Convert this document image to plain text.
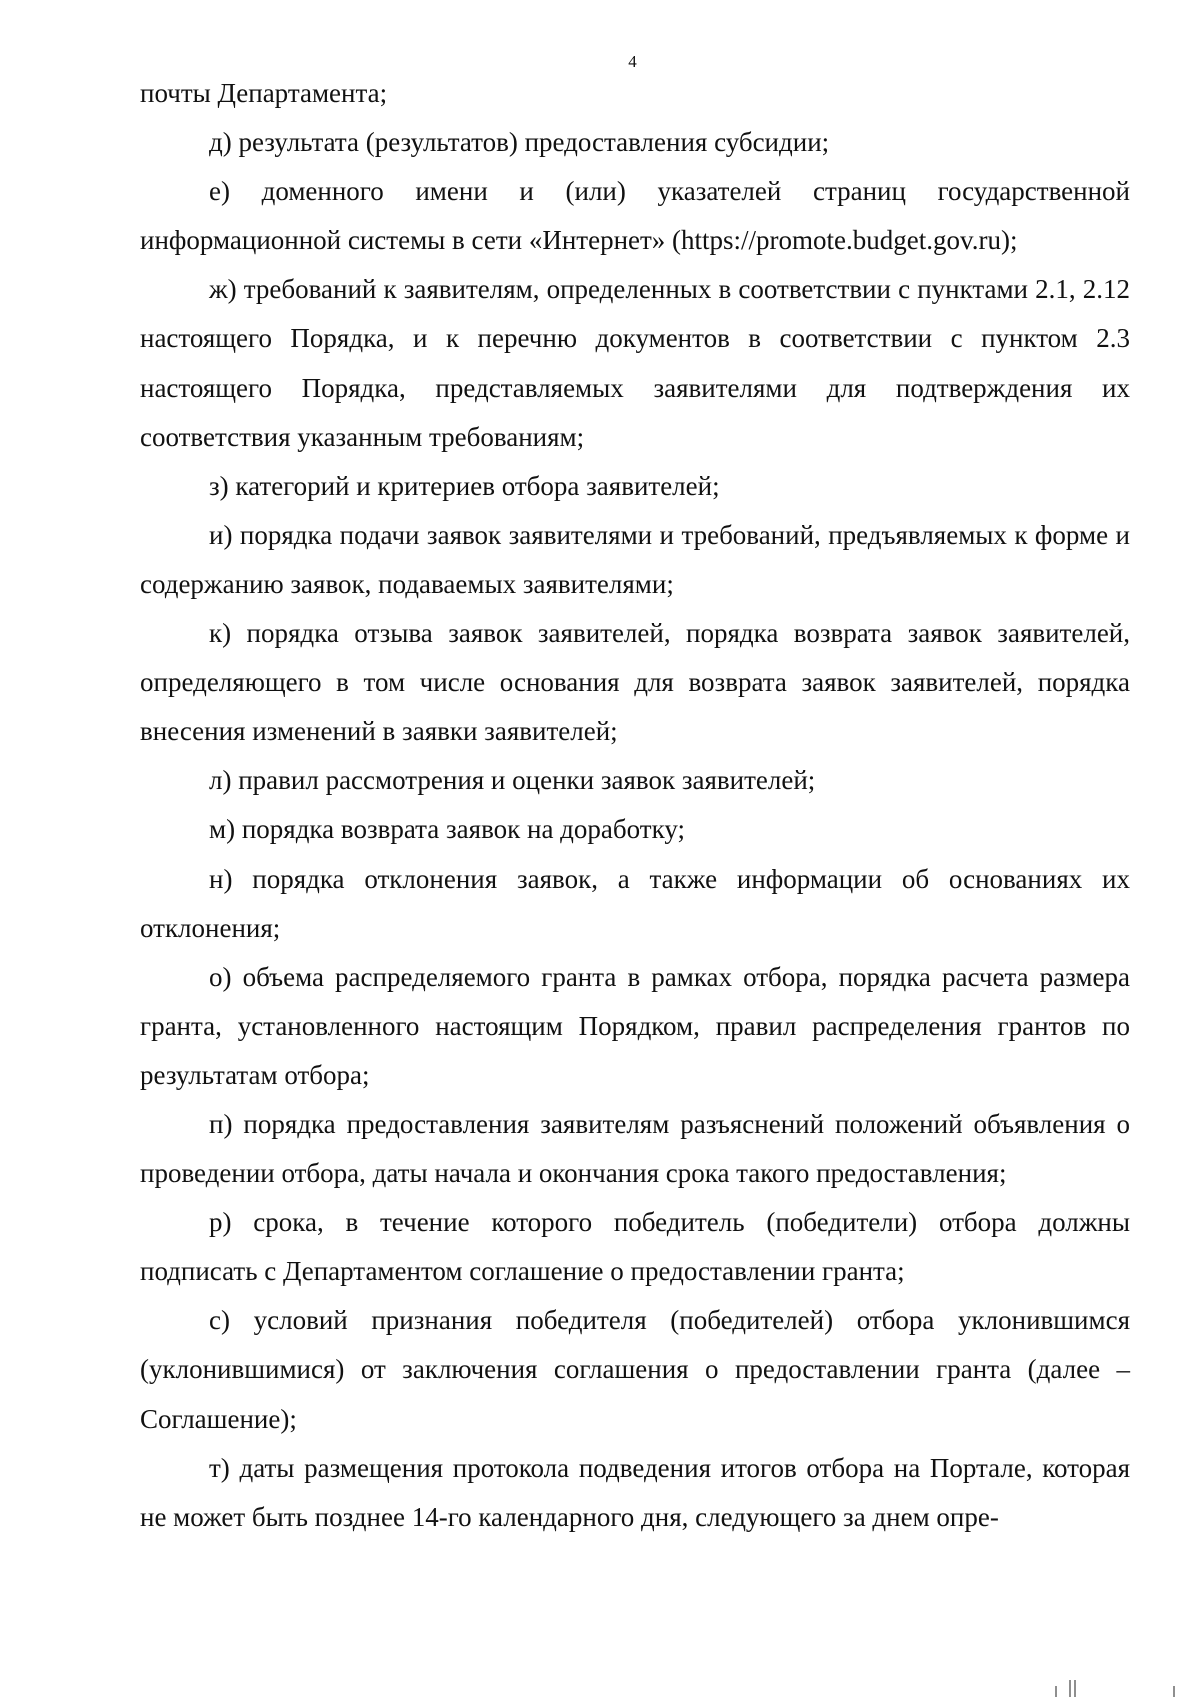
4

почты Департамента;

д) результата (результатов) предоставления субсидии;

е) доменного имени и (или) указателей страниц государственной информационной системы в сети «Интернет» (https://promote.budget.gov.ru);

ж) требований к заявителям, определенных в соответствии с пунктами 2.1, 2.12 настоящего Порядка, и к перечню документов в соответствии с пунктом 2.3 настоящего Порядка, представляемых заявителями для подтверждения их соответствия указанным требованиям;

з) категорий и критериев отбора заявителей;

и) порядка подачи заявок заявителями и требований, предъявляемых к форме и содержанию заявок, подаваемых заявителями;

к) порядка отзыва заявок заявителей, порядка возврата заявок заявителей, определяющего в том числе основания для возврата заявок заявителей, порядка внесения изменений в заявки заявителей;

л) правил рассмотрения и оценки заявок заявителей;

м) порядка возврата заявок на доработку;

н) порядка отклонения заявок, а также информации об основаниях их отклонения;

о) объема распределяемого гранта в рамках отбора, порядка расчета размера гранта, установленного настоящим Порядком, правил распределения грантов по результатам отбора;

п) порядка предоставления заявителям разъяснений положений объявления о проведении отбора, даты начала и окончания срока такого предоставления;

р) срока, в течение которого победитель (победители) отбора должны подписать с Департаментом соглашение о предоставлении гранта;

с) условий признания победителя (победителей) отбора уклонившимся (уклонившимися) от заключения соглашения о предоставлении гранта (далее – Соглашение);

т) даты размещения протокола подведения итогов отбора на Портале, которая не может быть позднее 14-го календарного дня, следующего за днем опре-
